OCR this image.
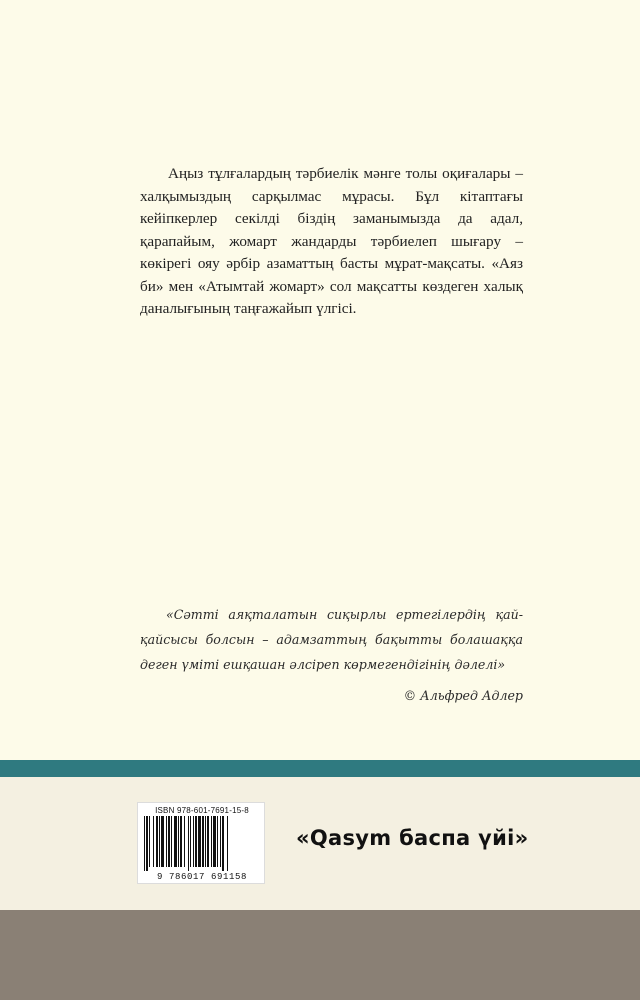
Аңыз тұлғалардың тәрбиелік мәнге толы оқиғалары – халқымыздың сарқылмас мұрасы. Бұл кітаптағы кейіпкерлер секілді біздің заманымызда да адал, қарапайым, жомарт жандарды тәрбиелеп шығару – көкірегі ояу әрбір азаматтың басты мұрат-мақсаты. «Аяз би» мен «Атымтай жомарт» сол мақсатты көздеген халық даналығының таңғажайып үлгісі.

«Сәтті аяқталатын сиқырлы ертегілердің қай-қайсысы болсын – адамзаттың бақытты болашаққа деген үміті ешқашан әлсіреп көрмегендігінің дәлелі»

© Альфред Адлер
ISBN 978-601-7691-15-8
9 786017 691158
«Qasym баспа үйі»
